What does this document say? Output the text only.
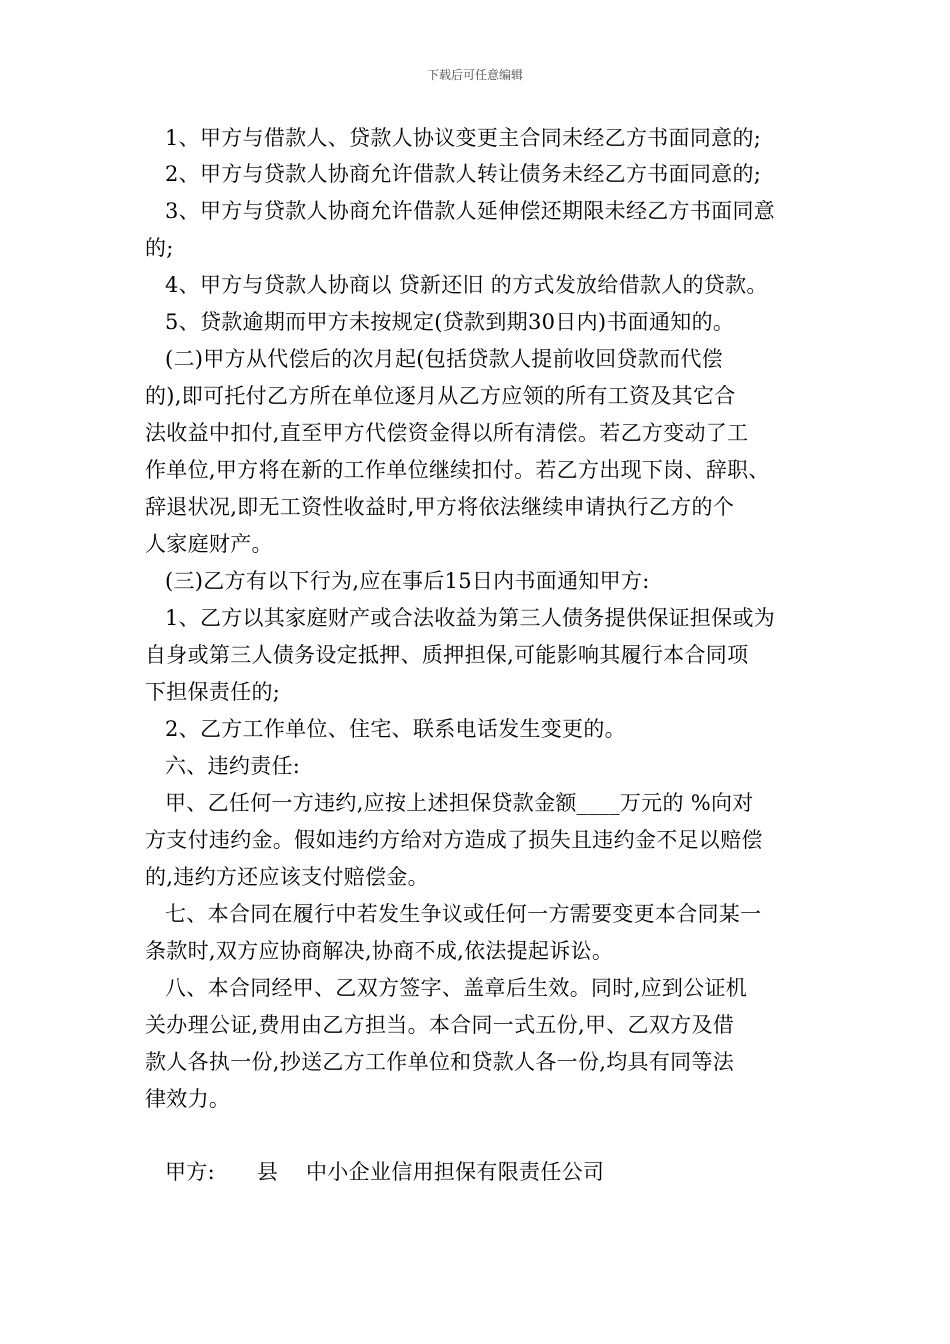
下载后可任意编辑
1、甲方与借款人、贷款人协议变更主合同未经乙方书面同意的;
2、甲方与贷款人协商允许借款人转让债务未经乙方书面同意的;
3、甲方与贷款人协商允许借款人延伸偿还期限未经乙方书面同意
的;
4、甲方与贷款人协商以 贷新还旧 的方式发放给借款人的贷款。
5、贷款逾期而甲方未按规定(贷款到期30日内)书面通知的。
(二)甲方从代偿后的次月起(包括贷款人提前收回贷款而代偿
的),即可托付乙方所在单位逐月从乙方应领的所有工资及其它合
法收益中扣付,直至甲方代偿资金得以所有清偿。若乙方变动了工
作单位,甲方将在新的工作单位继续扣付。若乙方出现下岗、辞职、
辞退状况,即无工资性收益时,甲方将依法继续申请执行乙方的个
人家庭财产。
(三)乙方有以下行为,应在事后15日内书面通知甲方:
1、乙方以其家庭财产或合法收益为第三人债务提供保证担保或为
自身或第三人债务设定抵押、质押担保,可能影响其履行本合同项
下担保责任的;
2、乙方工作单位、住宅、联系电话发生变更的。
六、违约责任:
甲、乙任何一方违约,应按上述担保贷款金额____万元的 %向对
方支付违约金。假如违约方给对方造成了损失且违约金不足以赔偿
的,违约方还应该支付赔偿金。
七、本合同在履行中若发生争议或任何一方需要变更本合同某一
条款时,双方应协商解决,协商不成,依法提起诉讼。
八、本合同经甲、乙双方签字、盖章后生效。同时,应到公证机
关办理公证,费用由乙方担当。本合同一式五份,甲、乙双方及借
款人各执一份,抄送乙方工作单位和贷款人各一份,均具有同等法
律效力。
甲方:      县    中小企业信用担保有限责任公司
